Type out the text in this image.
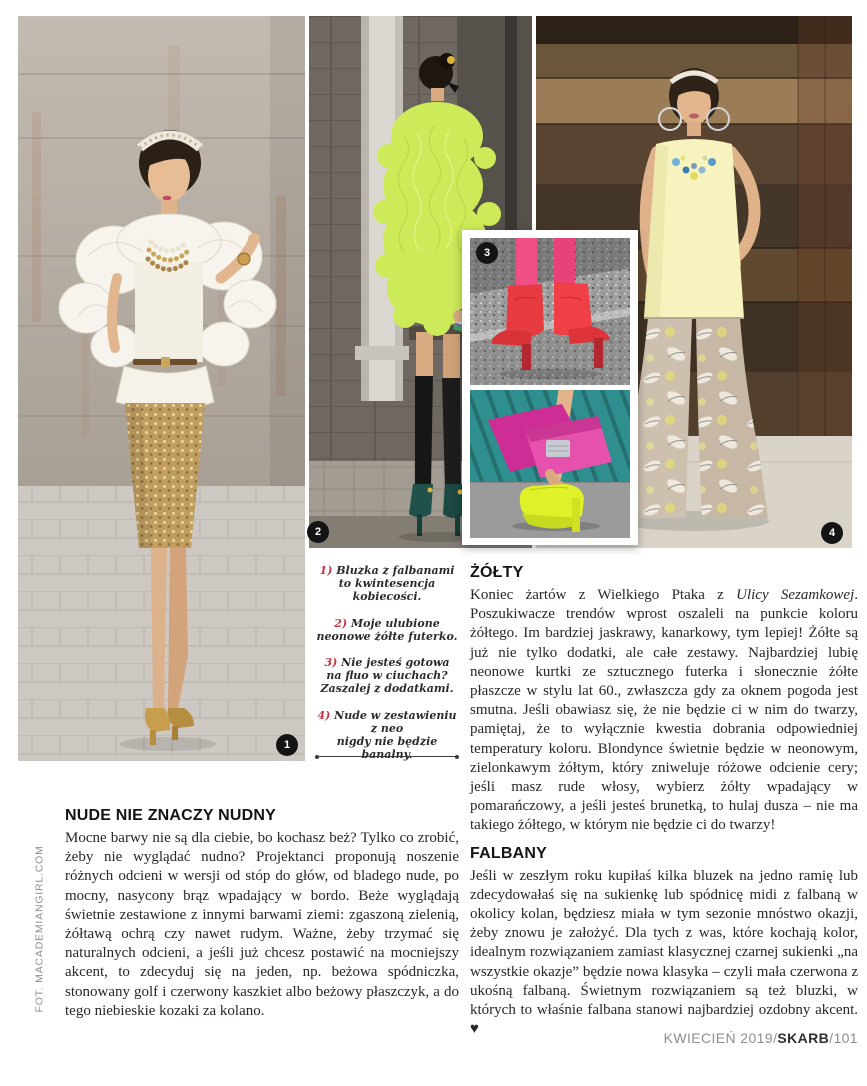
1
2
3
4

1) Bluzka z falbanami
to kwintesencja
kobiecości.

2) Moje ulubione
neonowe żółte futerko.

3) Nie jesteś gotowa
na fluo w ciuchach?
Zaszalej z dodatkami.

4) Nude w zestawieniu
z neo
nigdy nie będzie banalny.

NUDE NIE ZNACZY NUDNY

Mocne barwy nie są dla ciebie, bo kochasz beż? Tylko co zrobić, żeby nie wyglądać nudno? Projektanci proponują noszenie różnych odcieni w wersji od stóp do głów, od bladego nude, po mocny, nasycony brąz wpadający w bordo. Beże wyglądają świetnie zestawione z innymi barwami ziemi: zgaszoną zielenią, żółtawą ochrą czy nawet rudym. Ważne, żeby trzymać się naturalnych odcieni, a jeśli już chcesz postawić na mocniejszy akcent, to zdecyduj się na jeden, np. beżowa spódniczka, stonowany golf i czerwony kaszkiet albo beżowy płaszczyk, a do tego niebieskie kozaki za kolano.

ŻÓŁTY

Koniec żartów z Wielkiego Ptaka z Ulicy Sezamkowej. Poszukiwacze trendów wprost oszaleli na punkcie koloru żółtego. Im bardziej jaskrawy, kanarkowy, tym lepiej! Żółte są już nie tylko dodatki, ale całe zestawy. Najbardziej lubię neonowe kurtki ze sztucznego futerka i słonecznie żółte płaszcze w stylu lat 60., zwłaszcza gdy za oknem pogoda jest smutna. Jeśli obawiasz się, że nie będzie ci w nim do twarzy, pamiętaj, że to wyłącznie kwestia dobrania odpowiedniej temperatury koloru. Blondynce świetnie będzie w neonowym, zielonkawym żółtym, który zniweluje różowe odcienie cery; jeśli masz rude włosy, wybierz żółty wpadający w pomarańczowy, a jeśli jesteś brunetką, to hulaj dusza – nie ma takiego żółtego, w którym nie będzie ci do twarzy!

FALBANY

Jeśli w zeszłym roku kupiłaś kilka bluzek na jedno ramię lub zdecydowałaś się na sukienkę lub spódnicę midi z falbaną w okolicy kolan, będziesz miała w tym sezonie mnóstwo okazji, żeby znowu je założyć. Dla tych z was, które kochają kolor, idealnym rozwiązaniem zamiast klasycznej czarnej sukienki „na wszystkie okazje” będzie nowa klasyka – czyli mała czerwona z ukośną falbaną. Świetnym rozwiązaniem są też bluzki, w których to właśnie falbana stanowi najbardziej ozdobny akcent. ♥

KWIECIEŃ 2019/SKARB/101
FOT. MACADEMIANGIRL.COM
